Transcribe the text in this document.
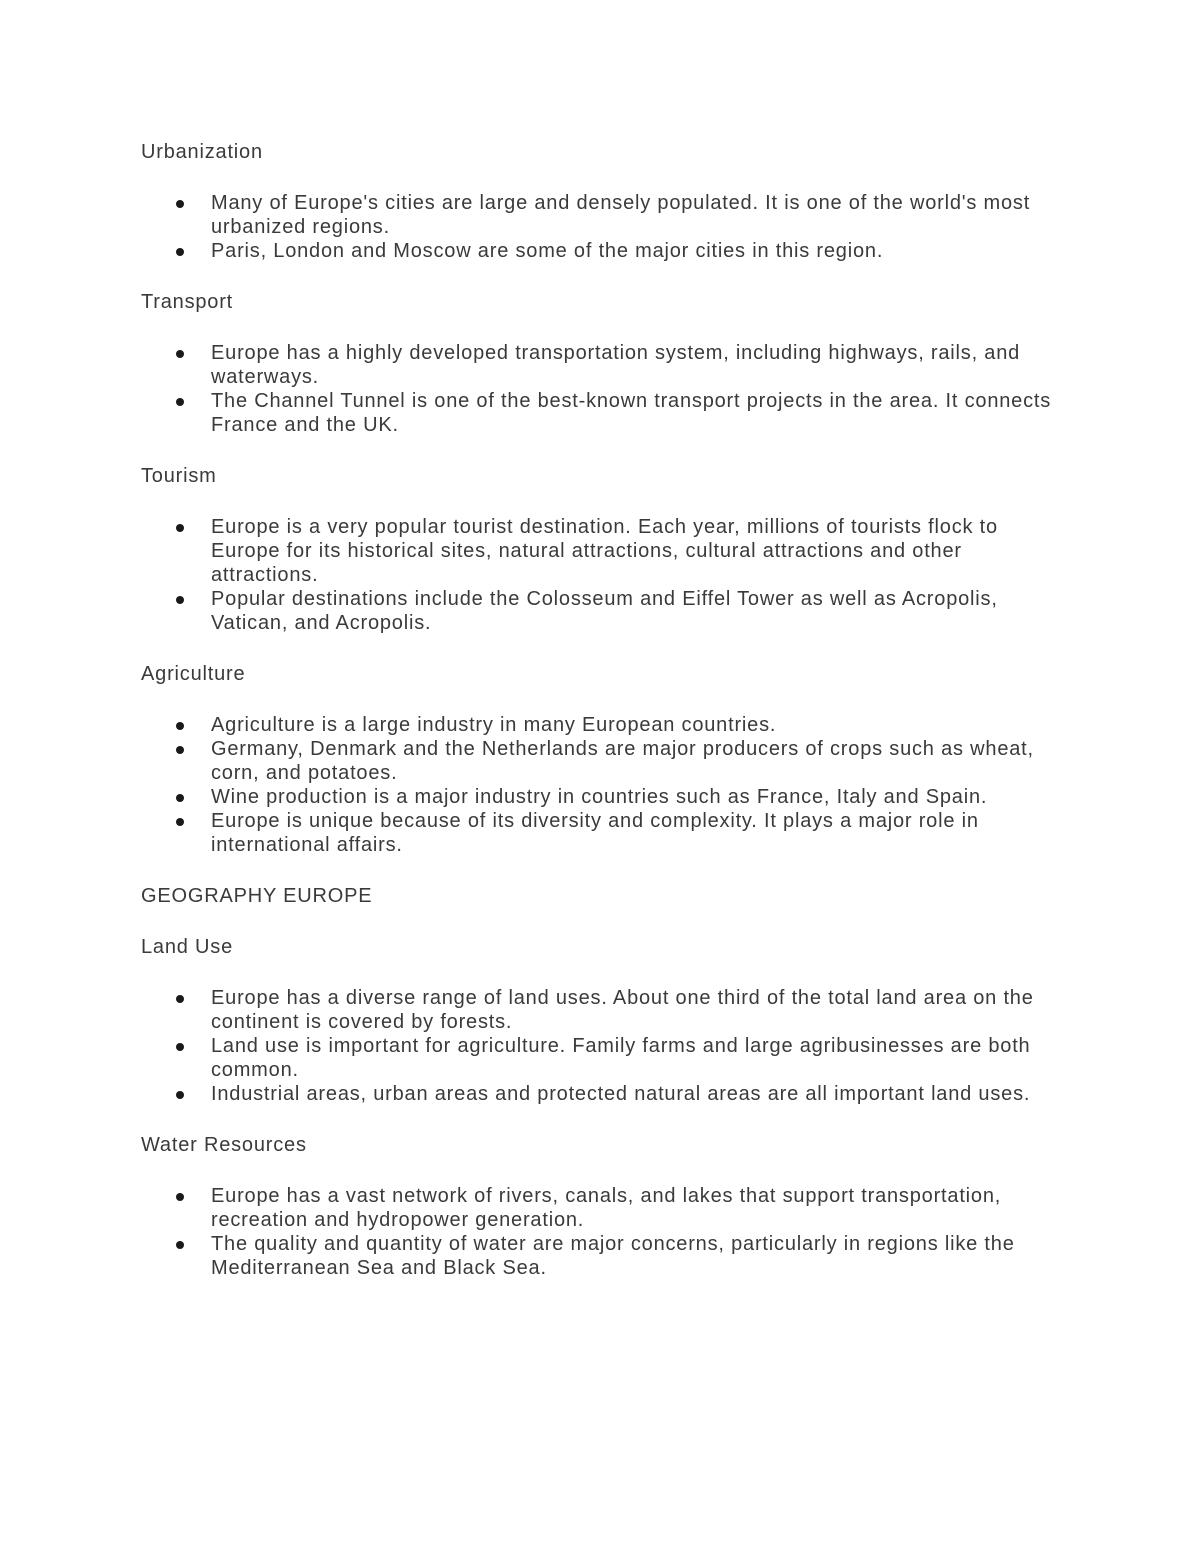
Urbanization

Many of Europe's cities are large and densely populated. It is one of the world's most urbanized regions.
Paris, London and Moscow are some of the major cities in this region.

Transport

Europe has a highly developed transportation system, including highways, rails, and waterways.
The Channel Tunnel is one of the best-known transport projects in the area. It connects France and the UK.

Tourism

Europe is a very popular tourist destination. Each year, millions of tourists flock to Europe for its historical sites, natural attractions, cultural attractions and other attractions.
Popular destinations include the Colosseum and Eiffel Tower as well as Acropolis, Vatican, and Acropolis.

Agriculture

Agriculture is a large industry in many European countries.
Germany, Denmark and the Netherlands are major producers of crops such as wheat, corn, and potatoes.
Wine production is a major industry in countries such as France, Italy and Spain.
Europe is unique because of its diversity and complexity. It plays a major role in international affairs.

GEOGRAPHY EUROPE

Land Use

Europe has a diverse range of land uses. About one third of the total land area on the continent is covered by forests.
Land use is important for agriculture. Family farms and large agribusinesses are both common.
Industrial areas, urban areas and protected natural areas are all important land uses.

Water Resources

Europe has a vast network of rivers, canals, and lakes that support transportation, recreation and hydropower generation.
The quality and quantity of water are major concerns, particularly in regions like the Mediterranean Sea and Black Sea.
